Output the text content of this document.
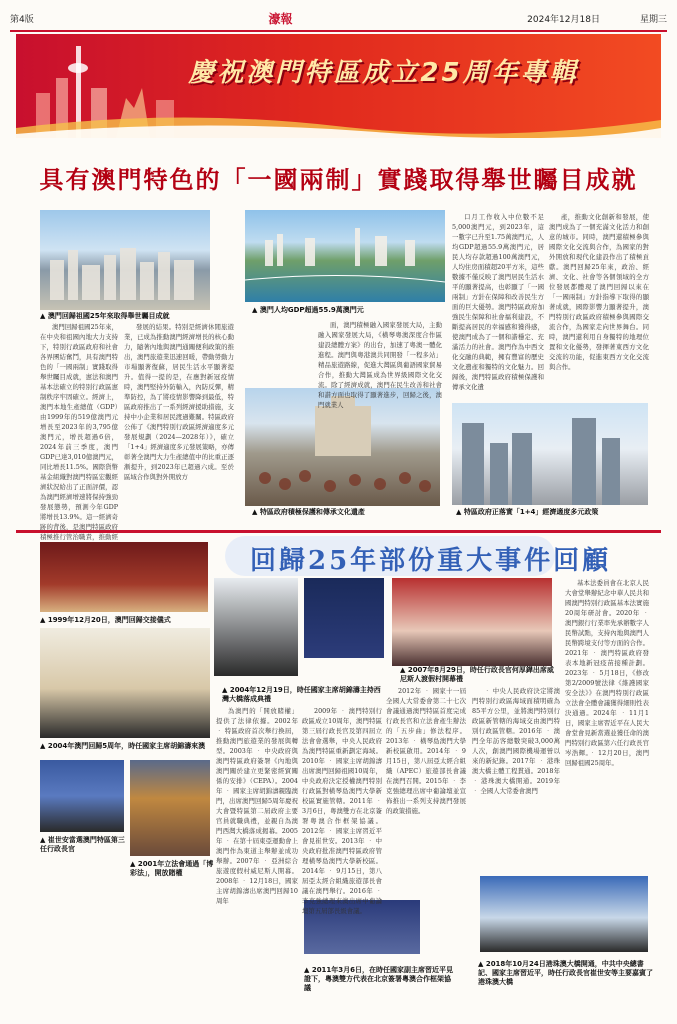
第4版	濠報	2024年12月18日	星期三
慶祝澳門特區成立25周年專輯
具有澳門特色的「一國兩制」實踐取得舉世矚目成就
▲ 澳門回歸祖國25年來取得舉世矚目成就
▲ 澳門人均GDP超過55.9萬澳門元
▲ 特區政府積極保護和傳承文化遺產	▲ 特區政府正落實「1+4」經濟適度多元政策

澳門回歸祖國25年來，在中央和祖國內地大力支持下，特別行政區政府和社會各界團結奮鬥，具有澳門特色的「一國兩制」實踐取得舉世矚目成就，憲法和澳門基本法確立的特別行政區憲制秩序牢固確立。經濟上，澳門本地生產總值（GDP）由1999年的519億澳門元增長至2023年的3,795億澳門元，增長超過6倍，2024年前三季度，澳門GDP已達3,010億澳門元，同比增長11.5%。國際貨幣基金組織對澳門特區宏觀經濟狀況給出了正面評價，認為澳門經濟增速將保持強勁發展態勢，預測今年GDP將增長13.9%。這一經濟奇跡的背後，是澳門特區政府積極推行管治職責，推動經

發展的結果。特別是經濟休閒旅遊業，已成為推動澳門經濟增長的核心動力，隨著內地與澳門通關便利政策的推出，澳門旅遊業迅速回暖，帶動勞動力市場顯著復蘇，居民生活水平顯著提升。值得一提的是，在應對新冠疫情時，澳門堅持外防輸入，內防反彈，精準防控，為了將疫情影響降到最低，特區政府推出了一系列經濟援助措施，支持中小企業和居民渡過難關。特區政府公佈了《澳門特別行政區經濟適度多元發展規劃（2024—2028年）》，確立「1+4」經濟適度多元發展策略，亦傳彰著全澳門大力生產總值中的比重正逐漸提升，到2023年已超過六成。至於區域合作與對外開放方

面，澳門積極融入國家發展大局，主動融入國家發展大局，《橫琴粵澳深度合作區建設總體方案》的出台，加速了粵澳一體化進程。澳門與粵港澳共同開發「一程多站」精品旅遊路線，促進大灣區與葡語國家貿易合作，推動大灣區成為世界級國際文化交流。除了經濟成就，澳門在民生改善和社會和諧方面也取得了顯著進步，回歸之後，澳門就業人

口月工作收入中位數不足5,000澳門元，到2023年，這一數字已升至1.75萬澳門元，人均GDP超過55.9萬澳門元，居民人均存款超過100萬澳門元，人均住房面積超20平方米，這些數據不僅反映了澳門居民生活水平的顯著提高，也彰顯了「一國兩制」方針在保障和改善民生方面的巨大優勢。澳門特區政府加強民生保障和社會福利建設，不斷提高居民的幸福感和獲得感，使澳門成為了一個和諧穩定、充滿活力的社會。澳門作為中西文化交融的典範，擁有豐富的歷史文化遺產和獨特的文化魅力。回歸後，澳門特區政府積極保護和傳承文化遺

產，推動文化創新和發展，使澳門成為了一個充滿文化活力和創意的城市。同時，澳門還積極參與國際文化交流與合作，為國家的對外開放和現代化建設作出了積極貢獻。澳門回歸25年來，政治、經濟、文化、社會等各個領域的全方位發展都體現了澳門回歸以來在「一國兩制」方針指導下取得的顯著成就，國際影響力顯著提升，澳門特別行政區政府積極參與國際交流合作，為國家走向世界舞台。同時，澳門還利用自身獨特的地理位置和文化優勢，發揮著東西方文化交流的功能，促進東西方文化交流與合作。

回歸25年部份重大事件回顧
▲ 1999年12月20日，澳門回歸交接儀式
▲ 2004年澳門回歸5周年，時任國家主席胡錦濤來澳
▲ 崔世安當選澳門特區第三任行政長官
▲ 2001年立法會通過「博彩法」，開放賭權
▲ 2004年12月19日，時任國家主席胡錦濤主持西灣大橋落成典禮
▲ 2007年8月29日，時任行政長官何厚鏵出席威尼斯人渡假村開幕禮
▲ 2011年3月6日，在時任國家副主席習近平見證下，粵澳雙方代表在北京簽署粵澳合作框架協議
▲ 2018年10月24日港珠澳大橋開通，中共中央總書記、國家主席習近平，時任行政長官崔世安等主要嘉賓了港珠澳大橋

為澳門的「開放賭權」提供了法律依據。2002年 ‧ 特區政府首次舉行換屆，推動澳門旅遊業的發展與轉型。2003年 ‧ 中央政府與澳門特區政府簽署《內地與澳門關於建立更緊密經貿關係的安排》（CEPA）。2004年 ‧ 國家主席胡錦濤親臨澳門，出席澳門回歸5周年慶祝大會暨特區第二屆政府主要官員就職典禮，並親自為澳門西灣大橋落成揭幕。2005年 ‧ 在第十屆東亞運動會上澳門作為東道主舉辦並成功舉辦。2007年 ‧ 亞洲綜合旅遊度假村威尼斯人開幕。2008年 ‧ 12月18日，國家主席胡錦濤出席澳門回歸10周年

2009年 ‧ 澳門特別行政區成立10周年，澳門特區第三屆行政長官及第四屆立法會會選舉，中央人民政府為澳門特區重新劃定海域。2010年 ‧ 國家主席胡錦濤出席澳門回歸祖國10周年，中央政府決定授權澳門特別行政區對橫琴島澳門大學新校區實施管轄。2011年 ‧ 3月6日，粵澳雙方在北京簽署粵澳合作框架協議。2012年 ‧ 國家主席習近平會見崔世安。2013年 ‧ 中央政府批准澳門特區政府管理橫琴島澳門大學新校區。2014年 ‧ 9月15日，第八屆亞太經合組織旅遊部長會議在澳門舉行。2016年 ‧ 李克強總理來澳出席中葡論壇第五屆部長級會議。

2012年 ‧ 國家十一屆全國人大常委會第二十七次會議通過澳門特區首度完成行政長官和立法會產生辦法的「五步曲」修法程序。2013年 ‧ 橫琴島澳門大學新校區啟用。2014年 ‧ 9月15日，第八屆亞太經合組織（APEC）旅遊部長會議在澳門召開。2015年 ‧ 李克強總理出席中葡論壇並宣佈推出一系列支持澳門發展的政策措施。

‧ 中央人民政府決定將澳門特別行政區海域面積明確為85平方公里，並將澳門特別行政區新管轄的海域交由澳門特別行政區管轄。2016年 ‧ 澳門全年訪客總數突破3,000萬人次，創澳門國際機場運營以來的新紀錄。2017年 ‧ 港珠澳大橋主體工程貫通。2018年 ‧ 港珠澳大橋開通。2019年 ‧ 全國人大常委會澳門

基本法委員會在北京人民大會堂舉辦紀念中華人民共和國澳門特別行政區基本法實施20周年研討會。2020年 ‧ 澳門銀行行業率先承辦數字人民幣試點，支持內地與澳門人民幣跨境支付等方面的合作。2021年 ‧ 澳門特區政府發表本地新冠疫苗接種計劃。2023年 ‧ 5月18日，《修改第2/2009號法律《維護國家安全法》》在澳門特別行政區立法會全體會議獲得細則性表決通過。2024年 ‧ 11月1日，國家主席習近平在人民大會堂會見新當選並獲任命的澳門特別行政區第六任行政長官岑浩輝。‧ 12月20日，澳門回歸祖國25周年。
